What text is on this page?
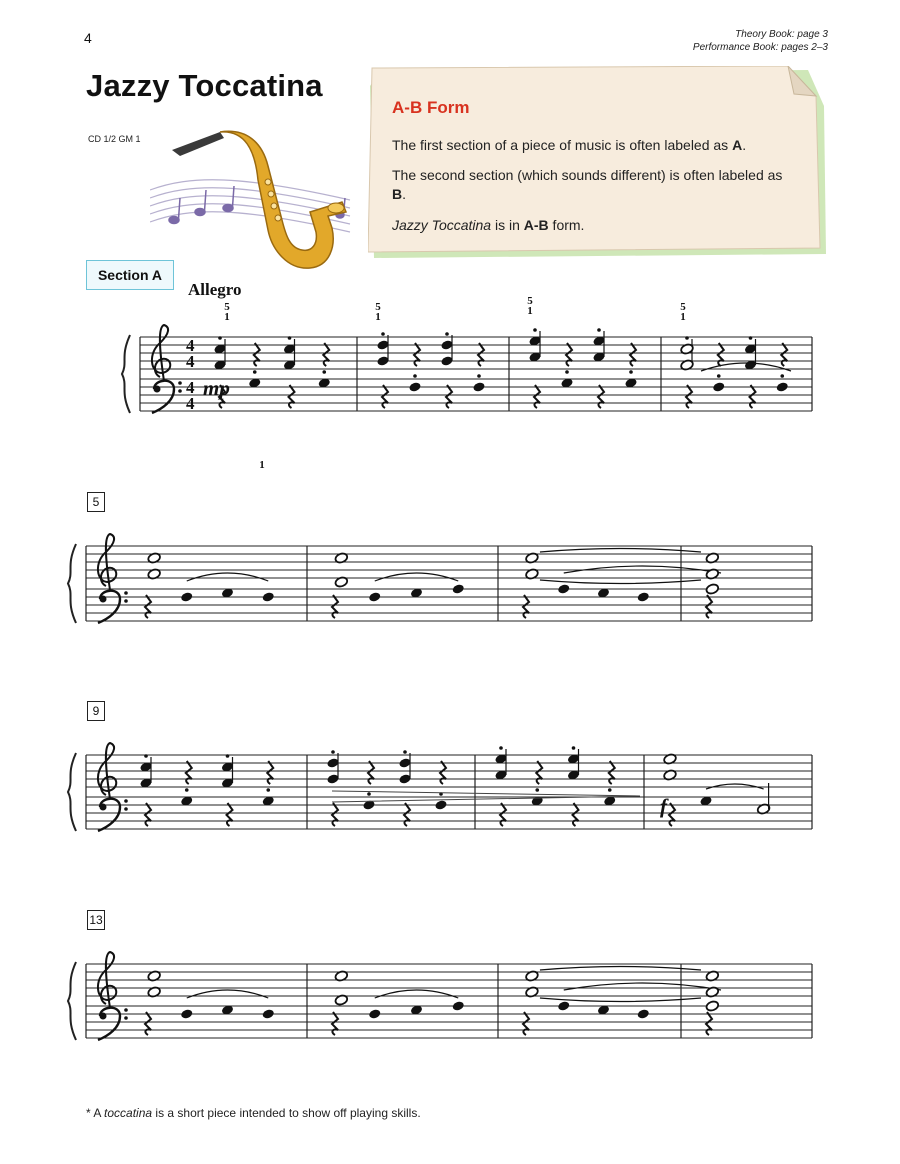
4	Theory Book: page 3
Performance Book: pages 2–3
Jazzy Toccatina
CD 1/2 GM 1
A-B Form
The first section of a piece of music is often labeled as A.
The second section (which sounds different) is often labeled as B.
Jazzy Toccatina is in A-B form.
Section A
Allegro
4
4
4
4
5
9
13
mp
f
5
1
5
1
5
1	5
1
1
* A toccatina is a short piece intended to show off playing skills.
